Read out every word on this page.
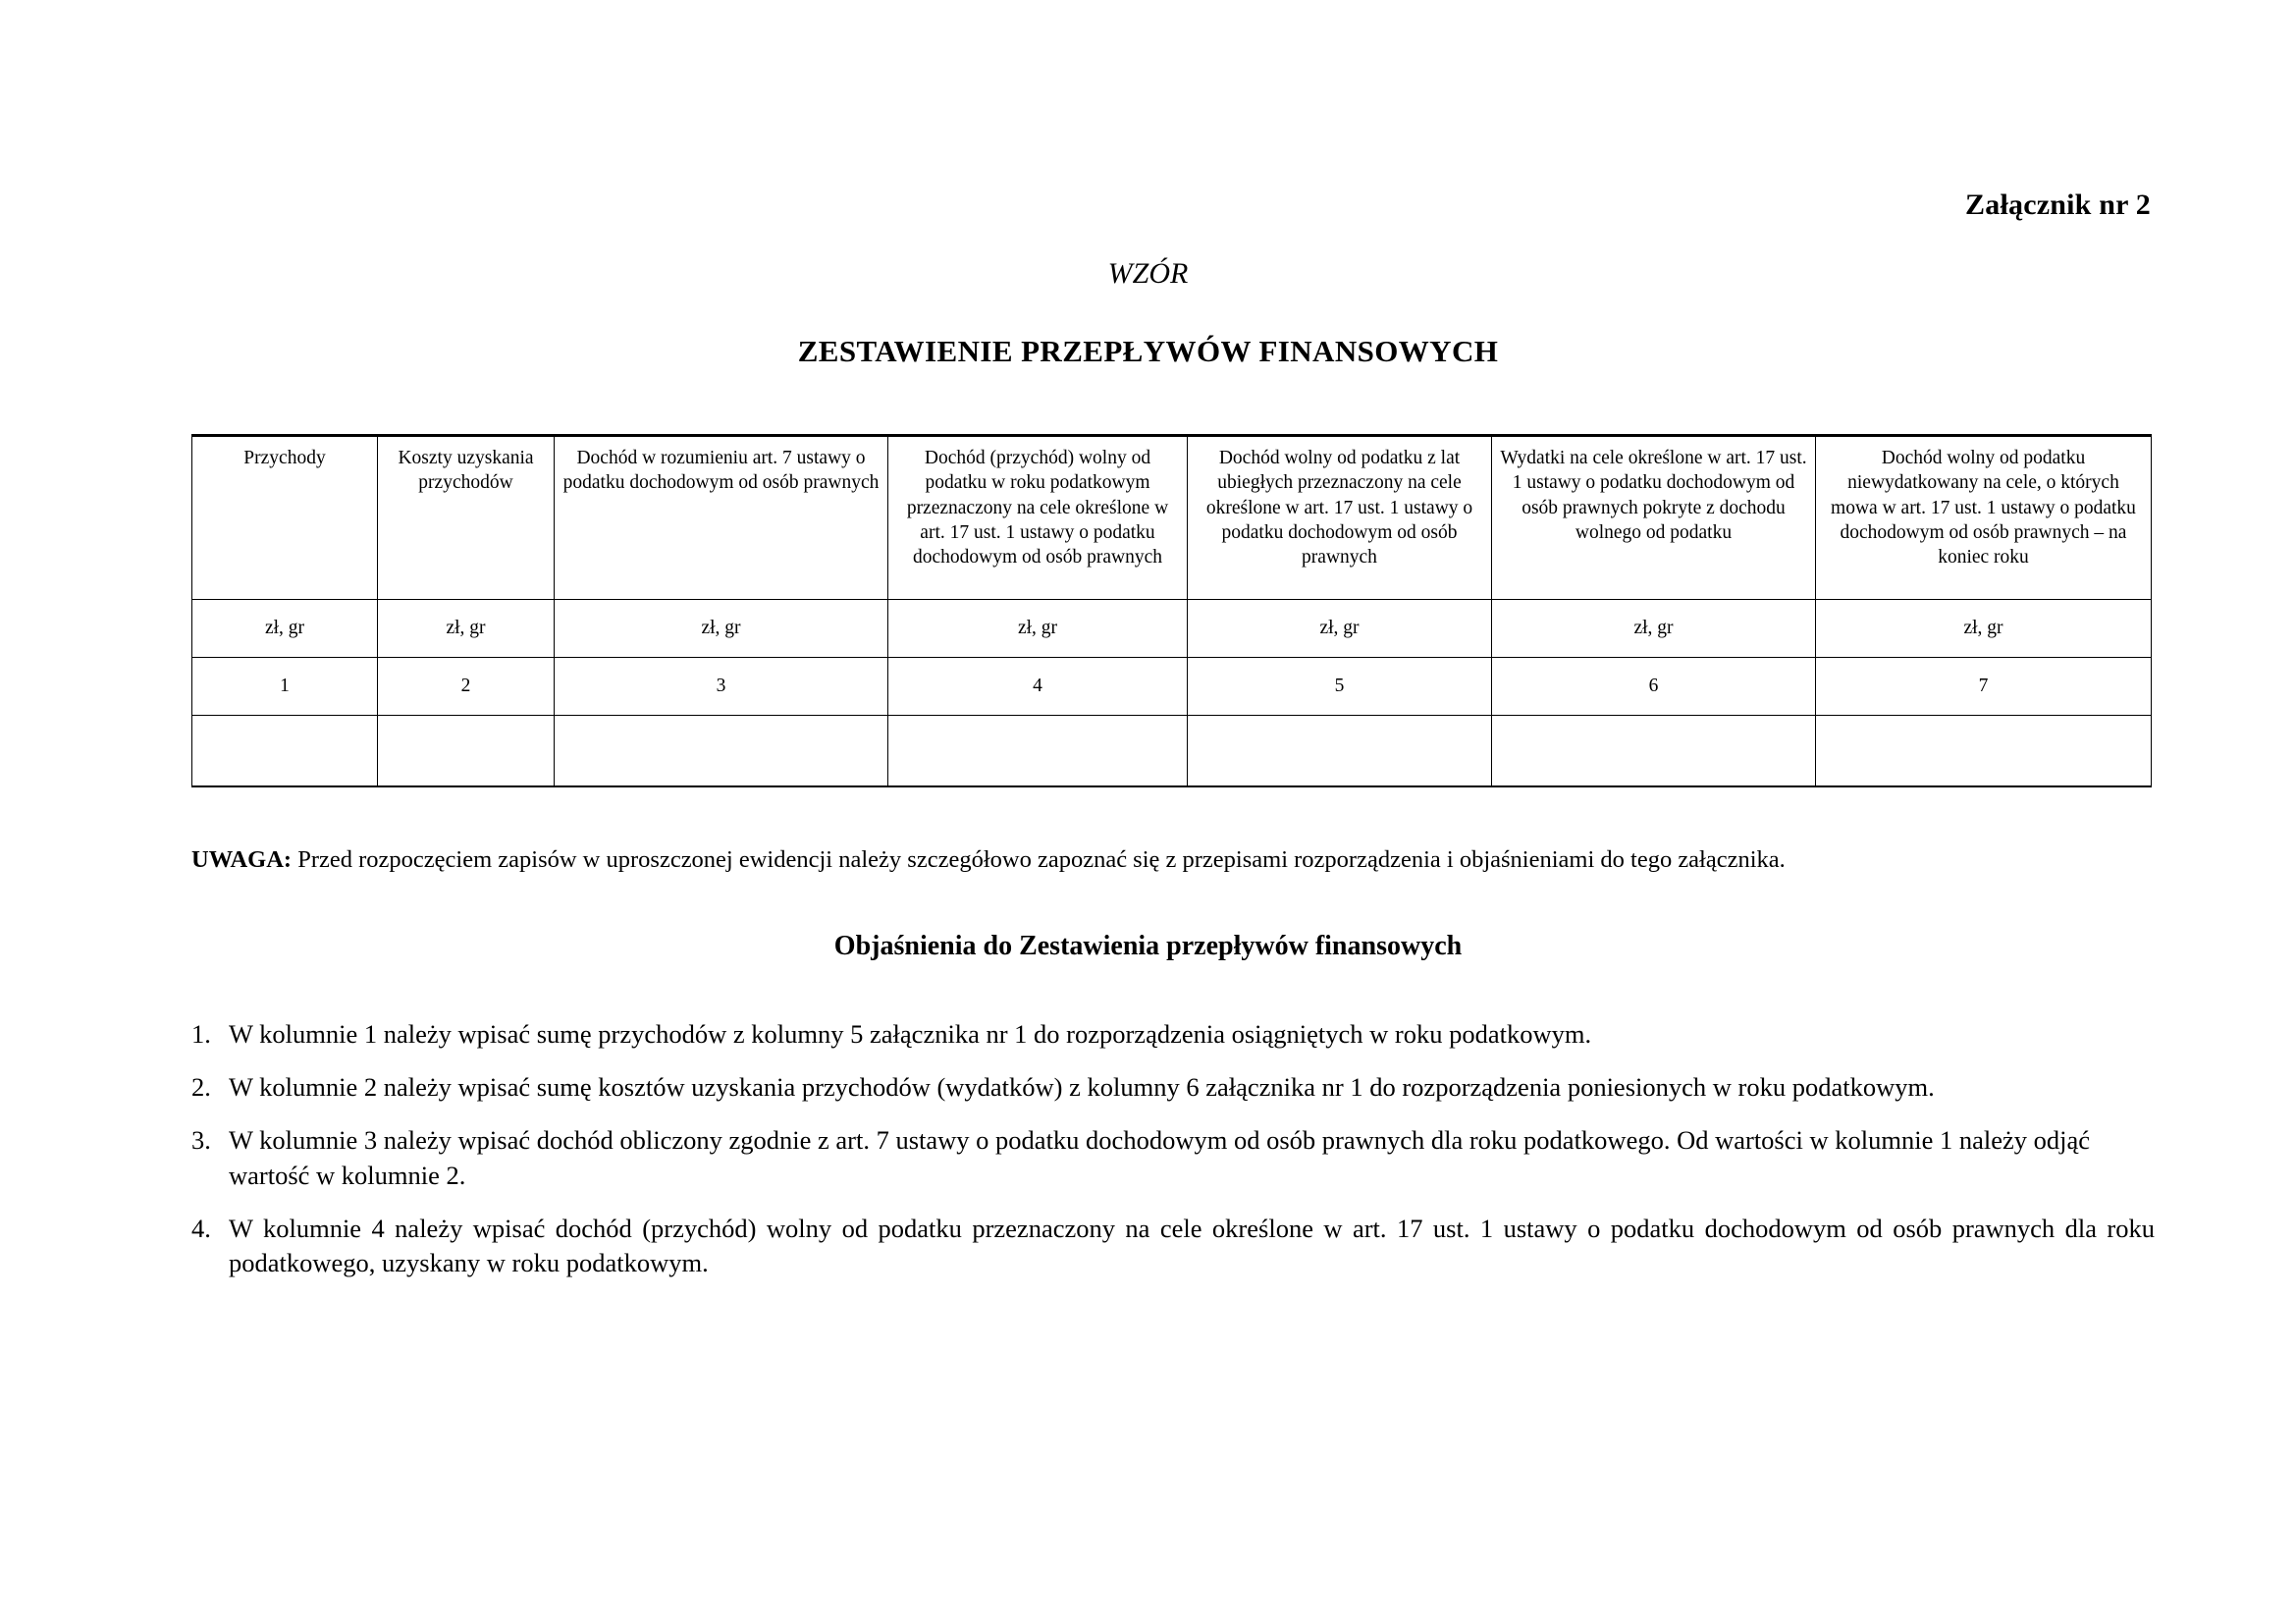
Załącznik nr 2
WZÓR
ZESTAWIENIE PRZEPŁYWÓW FINANSOWYCH
Przychody	Koszty uzyskania przychodów	Dochód w rozumieniu art. 7 ustawy o podatku dochodowym od osób prawnych	Dochód (przychód) wolny od podatku w roku podatkowym przeznaczony na cele określone w art. 17 ust. 1 ustawy o podatku dochodowym od osób prawnych	Dochód wolny od podatku z lat ubiegłych przeznaczony na cele określone w art. 17 ust. 1 ustawy o podatku dochodowym od osób prawnych	Wydatki na cele określone w art. 17 ust. 1 ustawy o podatku dochodowym od osób prawnych pokryte z dochodu wolnego od podatku	Dochód wolny od podatku niewydatkowany na cele, o których mowa w art. 17 ust. 1 ustawy o podatku dochodowym od osób prawnych – na koniec roku
zł, gr	zł, gr	zł, gr	zł, gr	zł, gr	zł, gr	zł, gr
1	2	3	4	5	6	7

UWAGA: Przed rozpoczęciem zapisów w uproszczonej ewidencji należy szczegółowo zapoznać się z przepisami rozporządzenia i objaśnieniami do tego załącznika.
Objaśnienia do Zestawienia przepływów finansowych
1. W kolumnie 1 należy wpisać sumę przychodów z kolumny 5 załącznika nr 1 do rozporządzenia osiągniętych w roku podatkowym.
2. W kolumnie 2 należy wpisać sumę kosztów uzyskania przychodów (wydatków) z kolumny 6 załącznika nr 1 do rozporządzenia poniesionych w roku podatkowym.
3. W kolumnie 3 należy wpisać dochód obliczony zgodnie z art. 7 ustawy o podatku dochodowym od osób prawnych dla roku podatkowego. Od wartości w kolumnie 1 należy odjąć wartość w kolumnie 2.
4. W kolumnie 4 należy wpisać dochód (przychód) wolny od podatku przeznaczony na cele określone w art. 17 ust. 1 ustawy o podatku dochodowym od osób prawnych dla roku podatkowego, uzyskany w roku podatkowym.
